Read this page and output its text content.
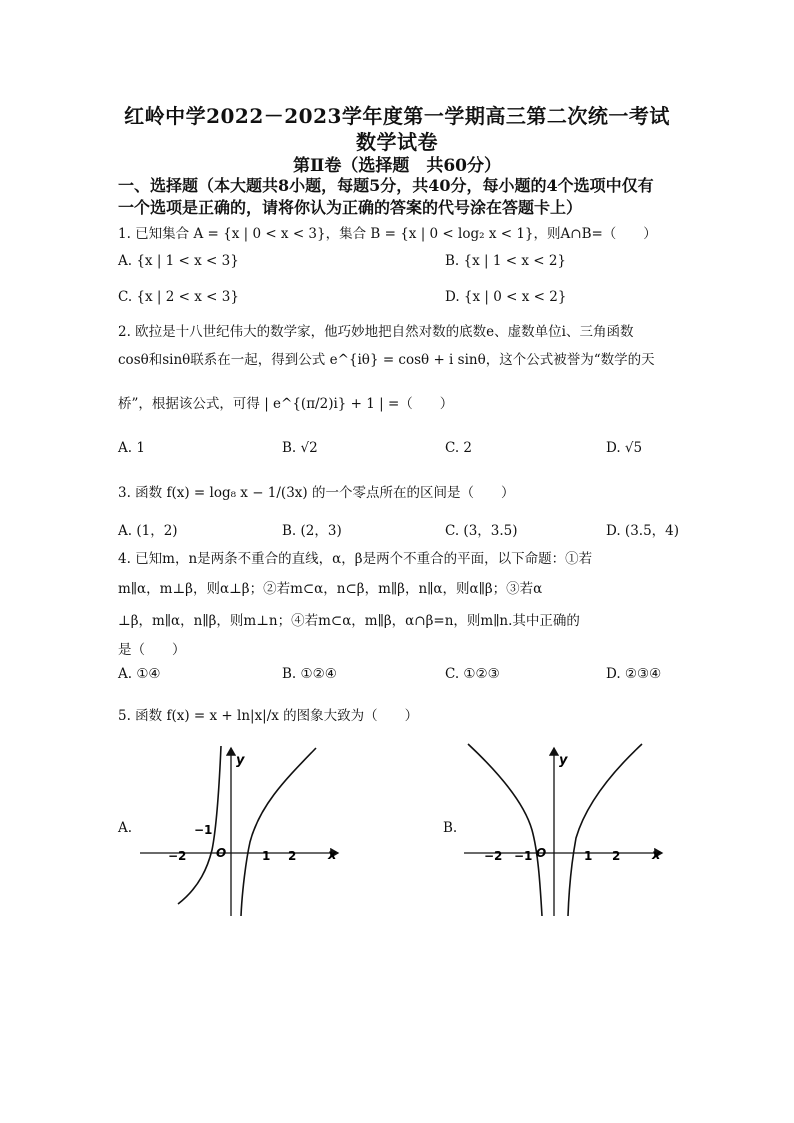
红岭中学2022－2023学年度第一学期高三第二次统一考试
数学试卷
第Ⅱ卷（选择题　共60分）
一、选择题（本大题共8小题，每题5分，共40分，每小题的4个选项中仅有
一个选项是正确的，请将你认为正确的答案的代号涂在答题卡上）
1. 已知集合 A = {x | 0 < x < 3}，集合 B = {x | 0 < log₂ x < 1}，则A∩B=（　　）
A. {x | 1 < x < 3}	B. {x | 1 < x < 2}
C. {x | 2 < x < 3}	D. {x | 0 < x < 2}
2. 欧拉是十八世纪伟大的数学家，他巧妙地把自然对数的底数e、虚数单位i、三角函数
cosθ和sinθ联系在一起，得到公式 e^{iθ} = cosθ + i sinθ，这个公式被誉为“数学的天
桥”，根据该公式，可得 | e^{(π/2)i} + 1 | =（　　）
A. 1	B. √2	C. 2	D. √5
3. 函数 f(x) = log₈ x − 1/(3x) 的一个零点所在的区间是（　　）
A. (1，2)	B. (2，3)	C. (3，3.5)	D. (3.5，4)
4. 已知m，n是两条不重合的直线，α，β是两个不重合的平面，以下命题：①若
m∥α，m⊥β，则α⊥β；②若m⊂α，n⊂β，m∥β，n∥α，则α∥β；③若α
⊥β，m∥α，n∥β，则m⊥n；④若m⊂α，m∥β，α∩β=n，则m∥n.其中正确的
是（　　）
A. ①④	B. ①②④	C. ①②③	D. ②③④
5. 函数 f(x) = x + ln|x|/x 的图象大致为（　　）
A.	B.
y
x
O
−2
−1
1 2
y
x
O
−2 −1	1 2
